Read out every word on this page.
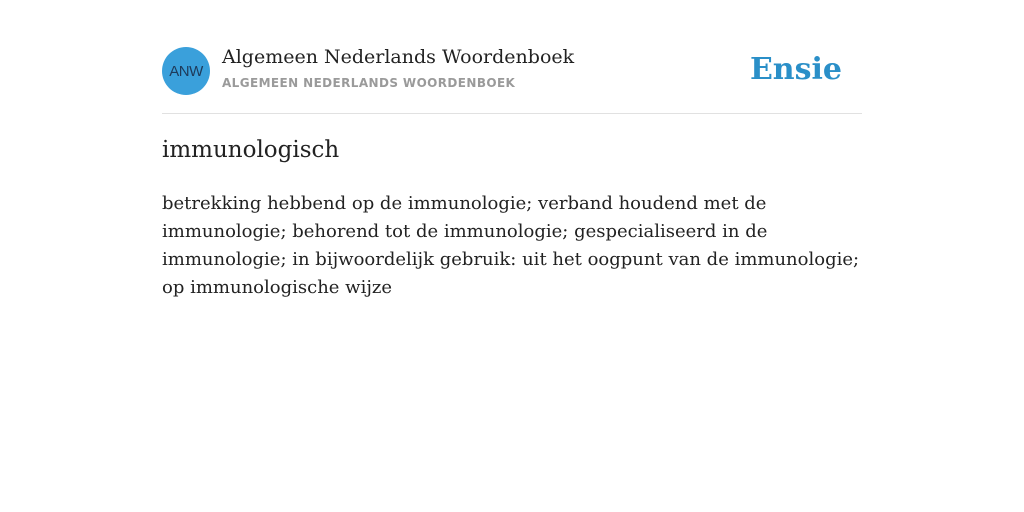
ANW
Algemeen Nederlands Woordenboek
ALGEMEEN NEDERLANDS WOORDENBOEK	Ensie
immunologisch

betrekking hebbend op de immunologie; verband houdend met de immunologie; behorend tot de immunologie; gespecialiseerd in de immunologie; in bijwoordelijk gebruik: uit het oogpunt van de immunologie; op immunologische wijze
